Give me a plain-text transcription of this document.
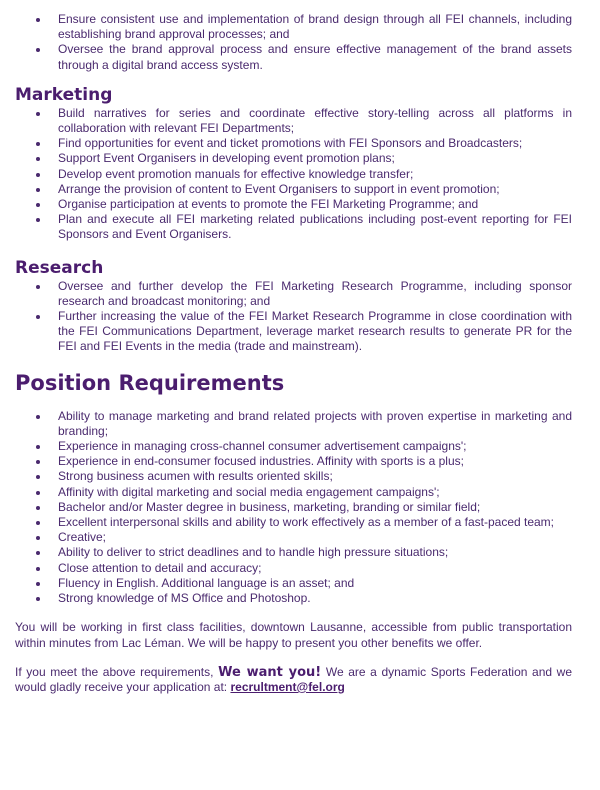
Ensure consistent use and implementation of brand design through all FEI channels, including establishing brand approval processes; and
Oversee the brand approval process and ensure effective management of the brand assets through a digital brand access system.
Marketing
Build narratives for series and coordinate effective story-telling across all platforms in collaboration with relevant FEI Departments;
Find opportunities for event and ticket promotions with FEI Sponsors and Broadcasters;
Support Event Organisers in developing event promotion plans;
Develop event promotion manuals for effective knowledge transfer;
Arrange the provision of content to Event Organisers to support in event promotion;
Organise participation at events to promote the FEI Marketing Programme; and
Plan and execute all FEI marketing related publications including post-event reporting for FEI Sponsors and Event Organisers.
Research
Oversee and further develop the FEI Marketing Research Programme, including sponsor research and broadcast monitoring; and
Further increasing the value of the FEI Market Research Programme in close coordination with the FEI Communications Department, leverage market research results to generate PR for the FEI and FEI Events in the media (trade and mainstream).
Position Requirements
Ability to manage marketing and brand related projects with proven expertise in marketing and branding;
Experience in managing cross-channel consumer advertisement campaigns';
Experience in end-consumer focused industries. Affinity with sports is a plus;
Strong business acumen with results oriented skills;
Affinity with digital marketing and social media engagement campaigns';
Bachelor and/or Master degree in business, marketing, branding or similar field;
Excellent interpersonal skills and ability to work effectively as a member of a fast-paced team;
Creative;
Ability to deliver to strict deadlines and to handle high pressure situations;
Close attention to detail and accuracy;
Fluency in English. Additional language is an asset; and
Strong knowledge of MS Office and Photoshop.

You will be working in first class facilities, downtown Lausanne, accessible from public transportation within minutes from Lac Léman. We will be happy to present you other benefits we offer.

If you meet the above requirements, We want you! We are a dynamic Sports Federation and we would gladly receive your application at: recrultment@fel.org
